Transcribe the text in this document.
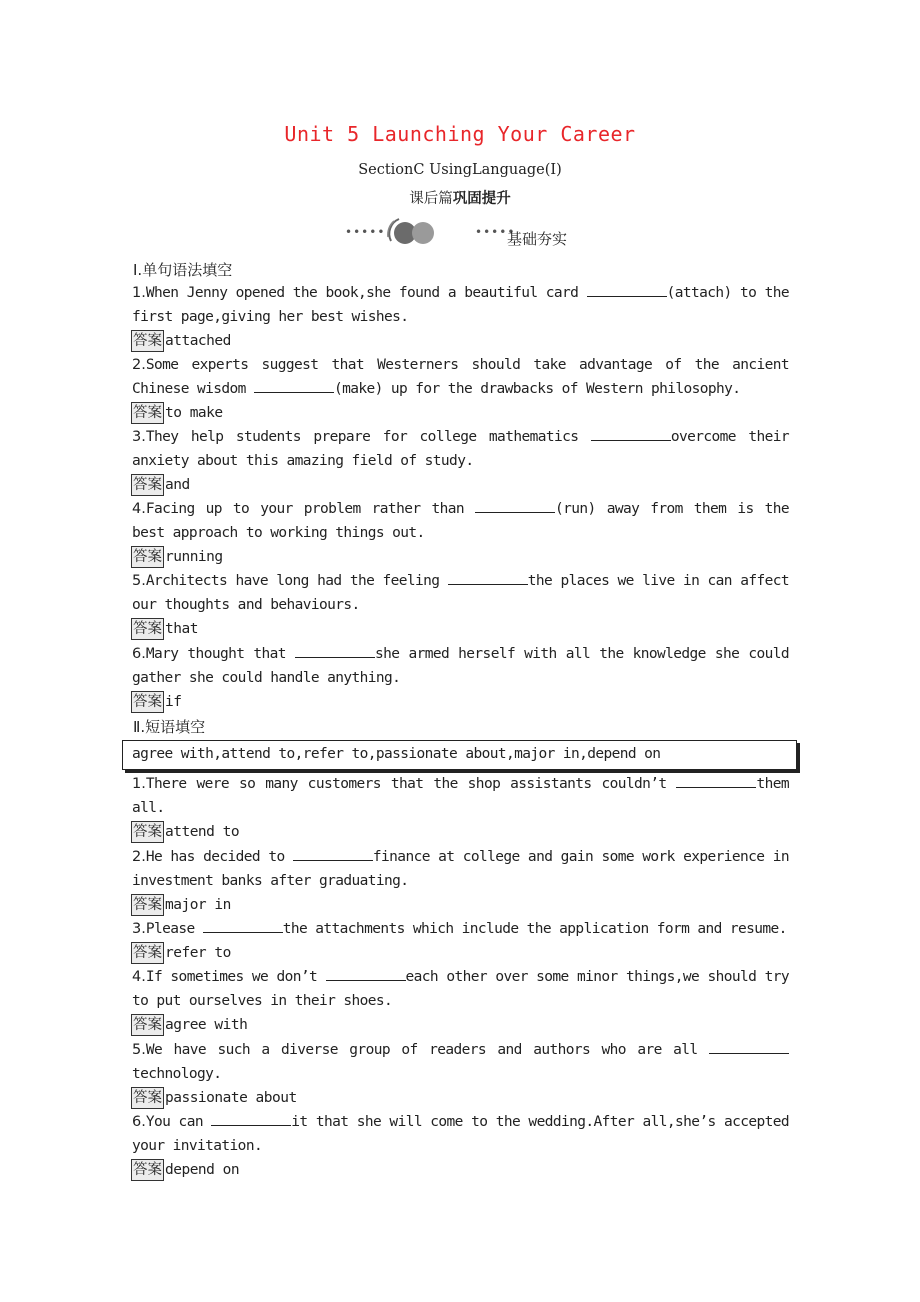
Unit 5 Launching Your Career
SectionC UsingLanguage(Ⅰ)
课后篇巩固提升
•••••	•••••
基础夯实
Ⅰ.单句语法填空
1.When Jenny opened the book,she found a beautiful card	(attach) to the first page,giving her best wishes.
答案 attached
2.Some experts suggest that Westerners should take advantage of the ancient Chinese wisdom	(make) up for the drawbacks of Western philosophy.
答案 to make
3.They help students prepare for college mathematics	overcome their anxiety about this amazing field of study.
答案 and
4.Facing up to your problem rather than	(run) away from them is the best approach to working things out.
答案 running
5.Architects have long had the feeling	the places we live in can affect our thoughts and behaviours.
答案 that
6.Mary thought that	she armed herself with all the knowledge she could gather she could handle anything.
答案 if
Ⅱ.短语填空
agree with,attend to,refer to,passionate about,major in,depend on
1.There were so many customers that the shop assistants couldn’t	them all.
答案 attend to
2.He has decided to	finance at college and gain some work experience in investment banks after graduating.
答案 major in
3.Please	the attachments which include the application form and resume.
答案 refer to
4.If sometimes we don’t	each other over some minor things,we should try to put ourselves in their shoes.
答案 agree with
5.We have such a diverse group of readers and authors who are all  technology.
答案 passionate about
6.You can	it that she will come to the wedding.After all,she’s accepted your invitation.
答案 depend on
